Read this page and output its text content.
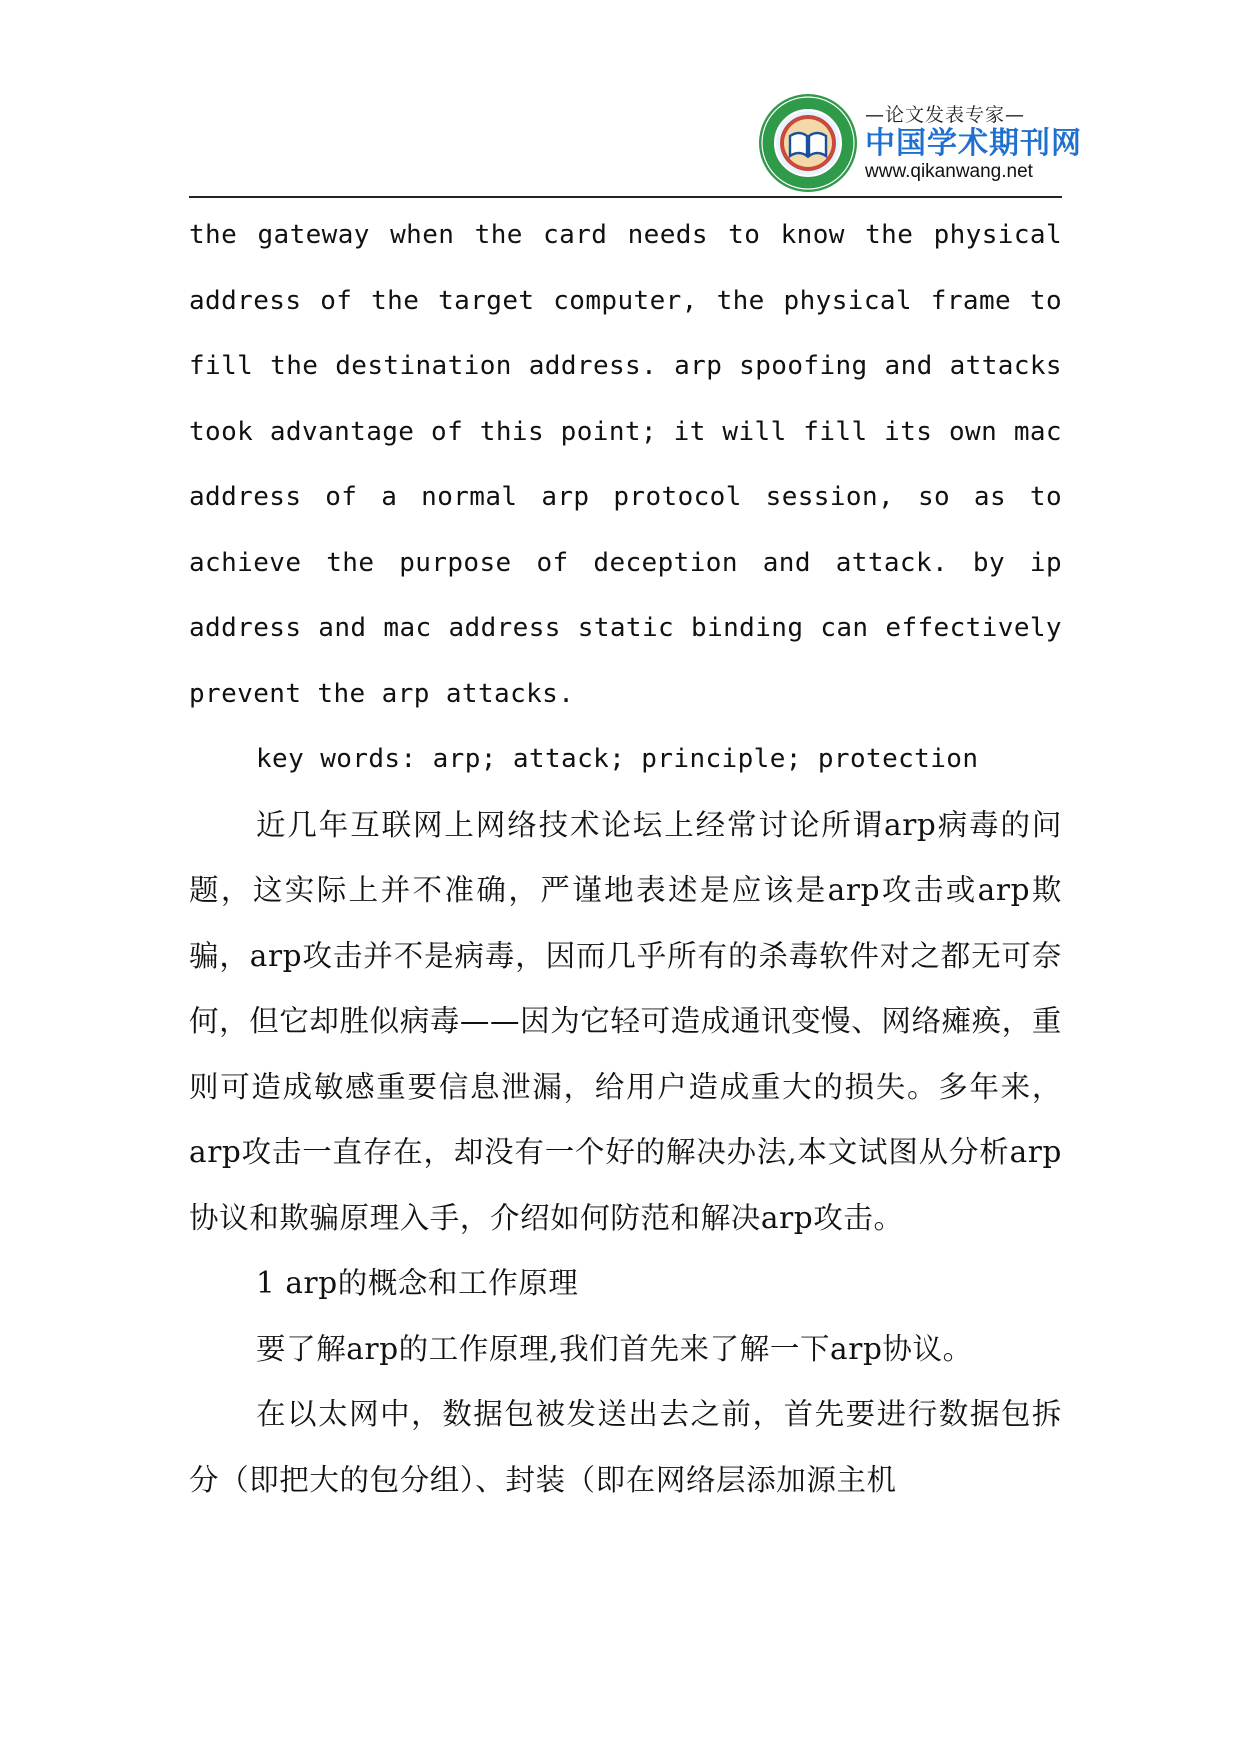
—论文发表专家—
中国学术期刊网
www.qikanwang.net

the gateway when the card needs to know the physical address of the target computer, the physical frame to fill the destination address. arp spoofing and attacks took advantage of this point; it will fill its own mac address of a normal arp protocol session, so as to achieve the purpose of deception and attack. by ip address and mac address static binding can effectively prevent the arp attacks.

key words: arp; attack; principle; protection

近几年互联网上网络技术论坛上经常讨论所谓arp病毒的问题，这实际上并不准确，严谨地表述是应该是arp攻击或arp欺骗，arp攻击并不是病毒，因而几乎所有的杀毒软件对之都无可奈何，但它却胜似病毒——因为它轻可造成通讯变慢、网络瘫痪，重则可造成敏感重要信息泄漏，给用户造成重大的损失。多年来，arp攻击一直存在，却没有一个好的解决办法,本文试图从分析arp协议和欺骗原理入手，介绍如何防范和解决arp攻击。

1 arp的概念和工作原理

要了解arp的工作原理,我们首先来了解一下arp协议。

在以太网中，数据包被发送出去之前，首先要进行数据包拆分（即把大的包分组）、封装（即在网络层添加源主机
